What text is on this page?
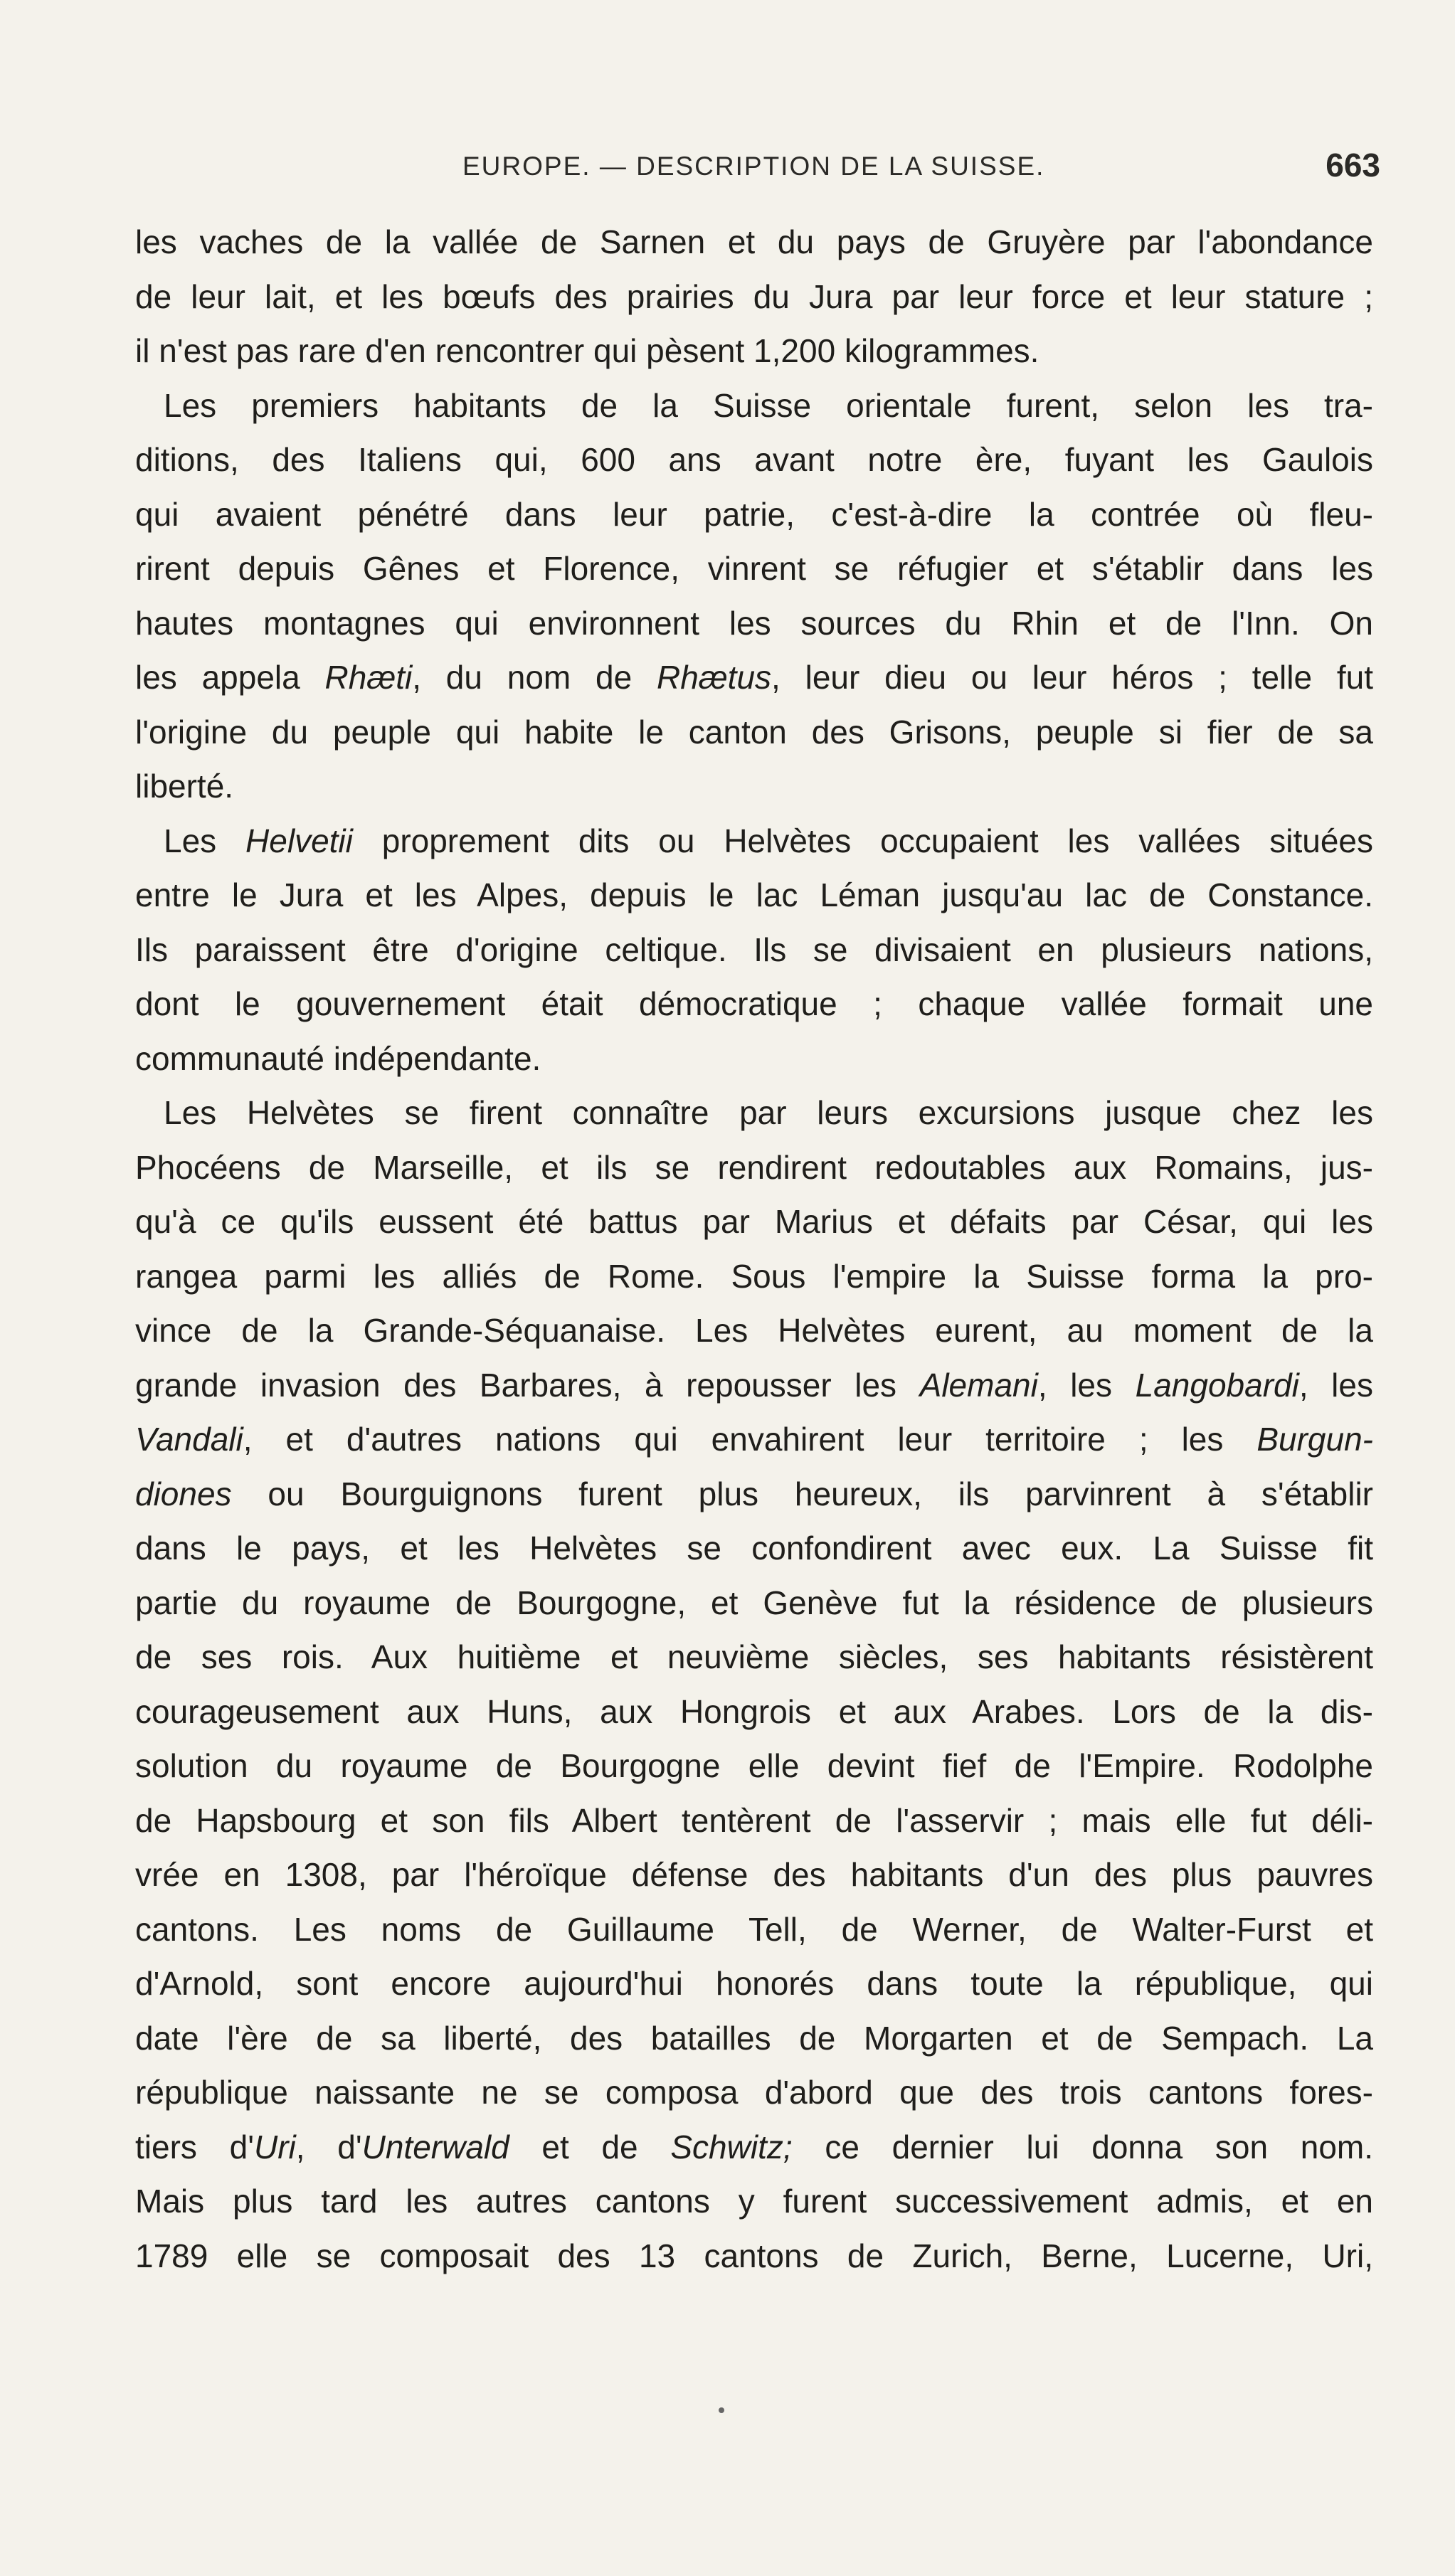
EUROPE. — DESCRIPTION DE LA SUISSE.	663
les vaches de la vallée de Sarnen et du pays de Gruyère par l'abondance
de leur lait, et les bœufs des prairies du Jura par leur force et leur stature ;
il n'est pas rare d'en rencontrer qui pèsent 1,200 kilogrammes.
Les premiers habitants de la Suisse orientale furent, selon les tra-
ditions, des Italiens qui, 600 ans avant notre ère, fuyant les Gaulois
qui avaient pénétré dans leur patrie, c'est-à-dire la contrée où fleu-
rirent depuis Gênes et Florence, vinrent se réfugier et s'établir dans les
hautes montagnes qui environnent les sources du Rhin et de l'Inn. On
les appela Rhæti, du nom de Rhætus, leur dieu ou leur héros ; telle fut
l'origine du peuple qui habite le canton des Grisons, peuple si fier de sa
liberté.
Les Helvetii proprement dits ou Helvètes occupaient les vallées situées
entre le Jura et les Alpes, depuis le lac Léman jusqu'au lac de Constance.
Ils paraissent être d'origine celtique. Ils se divisaient en plusieurs nations,
dont le gouvernement était démocratique ; chaque vallée formait une
communauté indépendante.
Les Helvètes se firent connaître par leurs excursions jusque chez les
Phocéens de Marseille, et ils se rendirent redoutables aux Romains, jus-
qu'à ce qu'ils eussent été battus par Marius et défaits par César, qui les
rangea parmi les alliés de Rome. Sous l'empire la Suisse forma la pro-
vince de la Grande-Séquanaise. Les Helvètes eurent, au moment de la
grande invasion des Barbares, à repousser les Alemani, les Langobardi, les
Vandali, et d'autres nations qui envahirent leur territoire ; les Burgun-
diones ou Bourguignons furent plus heureux, ils parvinrent à s'établir
dans le pays, et les Helvètes se confondirent avec eux. La Suisse fit
partie du royaume de Bourgogne, et Genève fut la résidence de plusieurs
de ses rois. Aux huitième et neuvième siècles, ses habitants résistèrent
courageusement aux Huns, aux Hongrois et aux Arabes. Lors de la dis-
solution du royaume de Bourgogne elle devint fief de l'Empire. Rodolphe
de Hapsbourg et son fils Albert tentèrent de l'asservir ; mais elle fut déli-
vrée en 1308, par l'héroïque défense des habitants d'un des plus pauvres
cantons. Les noms de Guillaume Tell, de Werner, de Walter-Furst et
d'Arnold, sont encore aujourd'hui honorés dans toute la république, qui
date l'ère de sa liberté, des batailles de Morgarten et de Sempach. La
république naissante ne se composa d'abord que des trois cantons fores-
tiers d'Uri, d'Unterwald et de Schwitz; ce dernier lui donna son nom.
Mais plus tard les autres cantons y furent successivement admis, et en
1789 elle se composait des 13 cantons de Zurich, Berne, Lucerne, Uri,
